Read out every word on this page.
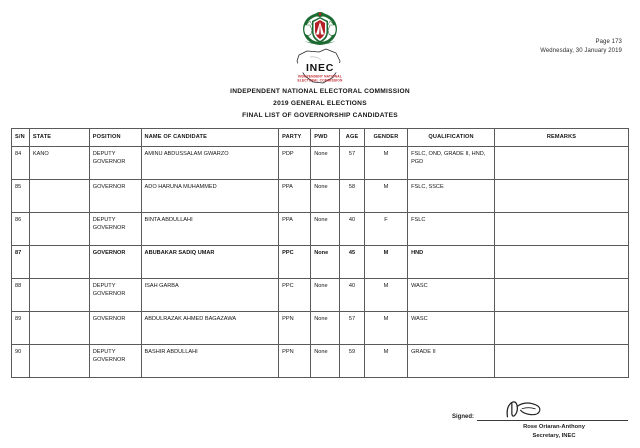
Page 173
Wednesday, 30 January 2019
INEC
INDEPENDENT NATIONAL
ELECTORAL COMMISSION
INDEPENDENT NATIONAL ELECTORAL COMMISSION
2019 GENERAL ELECTIONS
FINAL LIST OF GOVERNORSHIP CANDIDATES
S/N	STATE	POSITION	NAME OF CANDIDATE	PARTY	PWD	AGE	GENDER	QUALIFICATION	REMARKS
84	KANO	DEPUTY GOVERNOR	AMINU ABDUSSALAM GWARZO	PDP	None	57	M	FSLC, OND, GRADE II, HND, PGD	
85		GOVERNOR	ADO HARUNA MUHAMMED	PPA	None	58	M	FSLC, SSCE	
86		DEPUTY GOVERNOR	BINTA ABDULLAHI	PPA	None	40	F	FSLC	
87		GOVERNOR	ABUBAKAR SADIQ UMAR	PPC	None	45	M	HND	
88		DEPUTY GOVERNOR	ISAH GARBA	PPC	None	40	M	WASC	
89		GOVERNOR	ABDULRAZAK AHMED BAGAZAWA	PPN	None	57	M	WASC	
90		DEPUTY GOVERNOR	BASHIR ABDULLAHI	PPN	None	59	M	GRADE II	
Signed:
Rose Oriaran-Anthony
Secretary, INEC
